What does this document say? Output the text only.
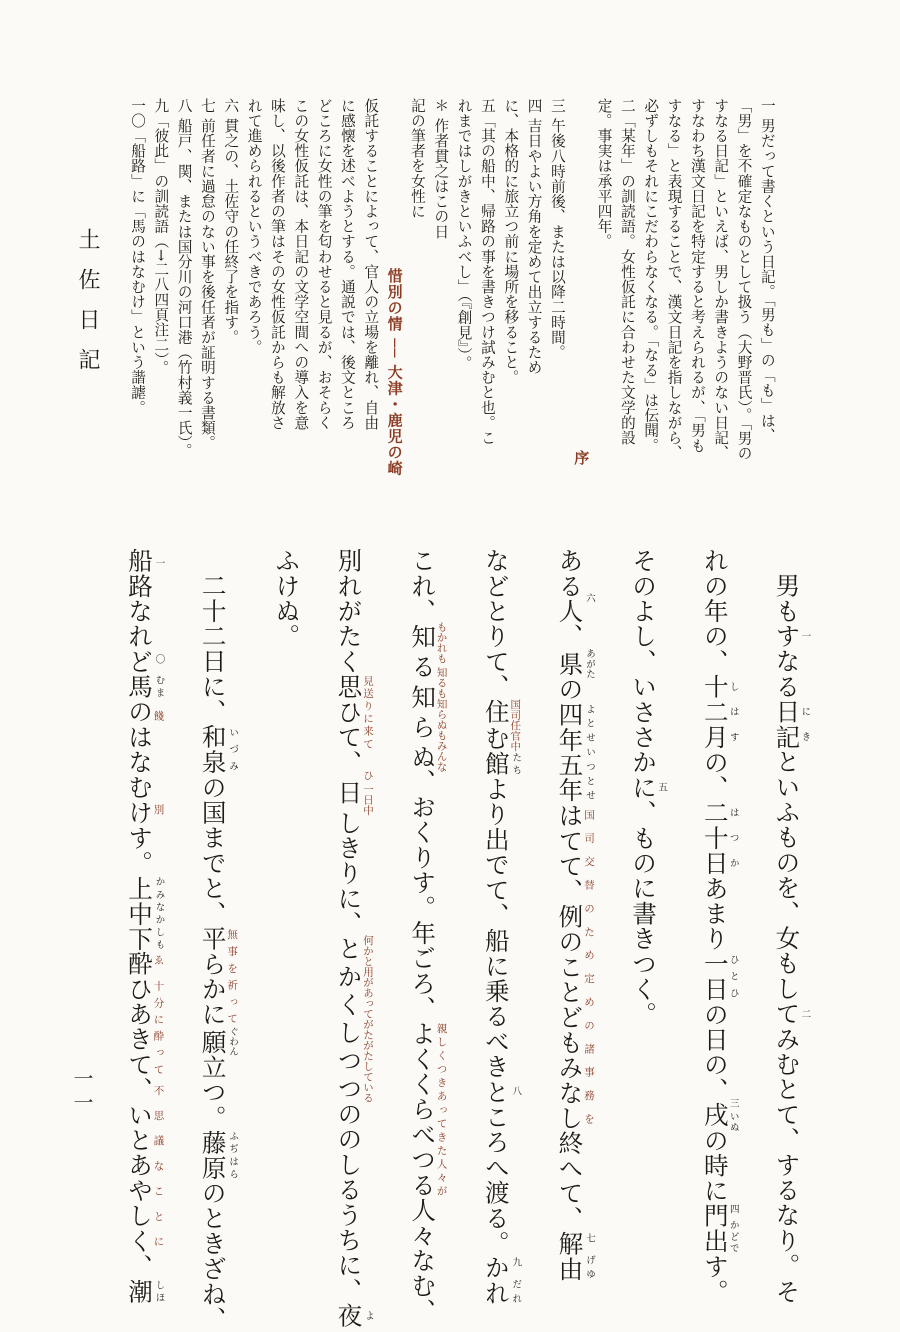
土佐日記
一一
一 男だって書くという日記。「男も」の「も」は、
「男」を不確定なものとして扱う（大野晋氏）。「男の
すなる日記」といえば、男しか書きようのない日記、
すなわち漢文日記を特定すると考えられるが、「男も
すなる」と表現することで、漢文日記を指しながら、
必ずしもそれにこだわらなくなる。「なる」は伝聞。
二「某年」の訓読語。女性仮託に合わせた文学的設
定。事実は承平四年。
序
三 午後八時前後、または以降二時間。
四 吉日やよい方角を定めて出立するため
に、本格的に旅立つ前に場所を移ること。
五「其の船中、帰路の事を書きつけ試みむと也。こ
れまではしがきといふべし」（『創見』）。
＊ 作者貫之はこの日
記の筆者を女性に
惜別の情 ── 大津・鹿児の崎
仮託することによって、官人の立場を離れ、自由
に感懐を述べようとする。通説では、後文ところ
どころに女性の筆を匂わせると見るが、おそらく
この女性仮託は、本日記の文学空間への導入を意
味し、以後作者の筆はその女性仮託からも解放さ
れて進められるというべきであろう。
六 貫之の、土佐守の任終了を指す。
七 前任者に過怠のない事を後任者が証明する書類。
八 船戸、関、または国分川の河口港（竹村義一氏）。
九「彼此」の訓読語（→二八四頁注二）。
一〇「船路」に「馬のはなむけ」という諧謔。
男もすなる一日記にきといふものを、女もしてみむとて、するなり。二そ
れの年の、十二月しはすの、二十日はつかあまり一日ひとひの日の、戌三 いぬの時に門出四 かどです。
そのよし、いささかに、ものに書きつく。五
ある人、 六県 あがたの四年五年 よとせいつとせはてて、例のことどもみなし国司交替のため定めの諸事務を終へて、解由 七 げゆ
などとりて、住む国司任官中館 たちより出でて、船に乗るべきところへ渡る。 八かれ 九 だれ
これ、知る知らぬもかれも 知るも知らぬもみんな、おくりす。年ごろ、よくくらべつる親しくつきあってきた人々が人々なむ、
別れがたく思ひて見送りに来て、日ひ 一日中しきりに、とかくしつつ何かと用があってがたがたしているののしるうちに、夜 よ
ふけぬ。
二十二日に、和泉 いづみの国までと、平らかに無事を祈って願 ぐわん立つ。藤原 ふぢはらのときざね、
船路なれど 一〇馬 むまのはなむけ餞別す。上中下 かみなかしも酔ひあきてゑ 十分に酔って、いとあやしく不思議なことに、潮 しほ
